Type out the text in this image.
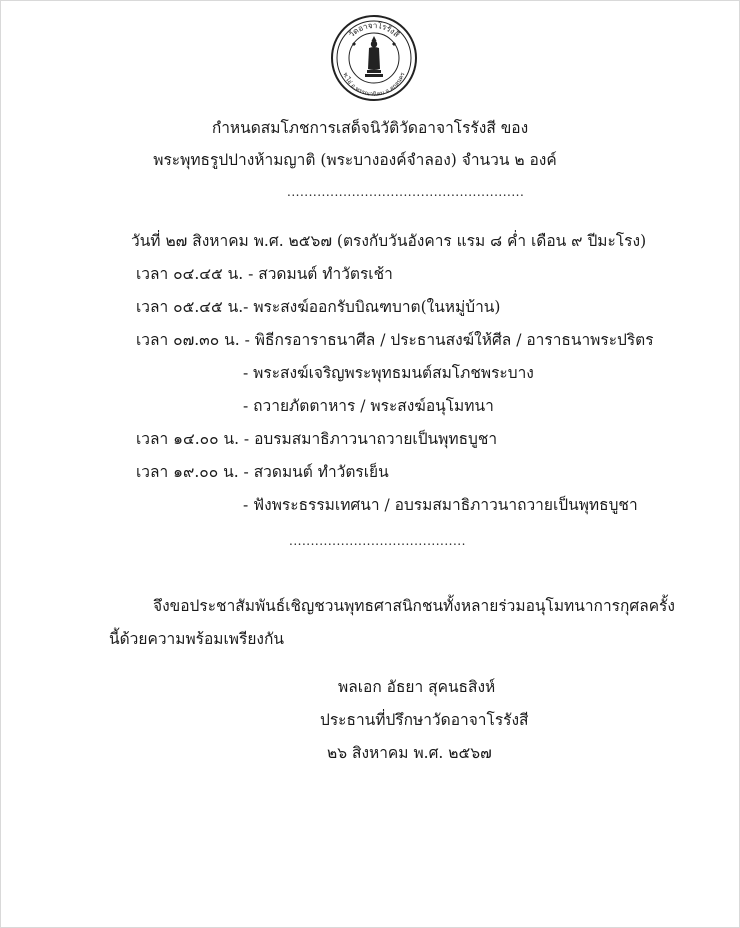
วัดอาจาโรรังสี
พ.ไอ่ อ.พรรณานิคม จ.สกลนคร
กำหนดสมโภชการเสด็จนิวัติวัดอาจาโรรังสี ของ
พระพุทธรูปปางห้ามญาติ (พระบางองค์จำลอง) จำนวน ๒ องค์
.......................................................
วันที่ ๒๗ สิงหาคม พ.ศ. ๒๕๖๗ (ตรงกับวันอังคาร แรม ๘ ค่ำ เดือน ๙ ปีมะโรง)
เวลา ๐๔.๔๕ น. - สวดมนต์ ทำวัตรเช้า
เวลา ๐๕.๔๕ น.- พระสงฆ์ออกรับบิณฑบาต(ในหมู่บ้าน)
เวลา ๐๗.๓๐ น. - พิธีกรอาราธนาศีล / ประธานสงฆ์ให้ศีล / อาราธนาพระปริตร
- พระสงฆ์เจริญพระพุทธมนต์สมโภชพระบาง
- ถวายภัตตาหาร / พระสงฆ์อนุโมทนา
เวลา ๑๔.๐๐ น. - อบรมสมาธิภาวนาถวายเป็นพุทธบูชา
เวลา ๑๙.๐๐ น. - สวดมนต์ ทำวัตรเย็น
- ฟังพระธรรมเทศนา / อบรมสมาธิภาวนาถวายเป็นพุทธบูชา
.........................................
จึงขอประชาสัมพันธ์เชิญชวนพุทธศาสนิกชนทั้งหลายร่วมอนุโมทนาการกุศลครั้ง
นี้ด้วยความพร้อมเพรียงกัน
พลเอก อัธยา สุคนธสิงห์
ประธานที่ปรึกษาวัดอาจาโรรังสี
๒๖ สิงหาคม พ.ศ. ๒๕๖๗
